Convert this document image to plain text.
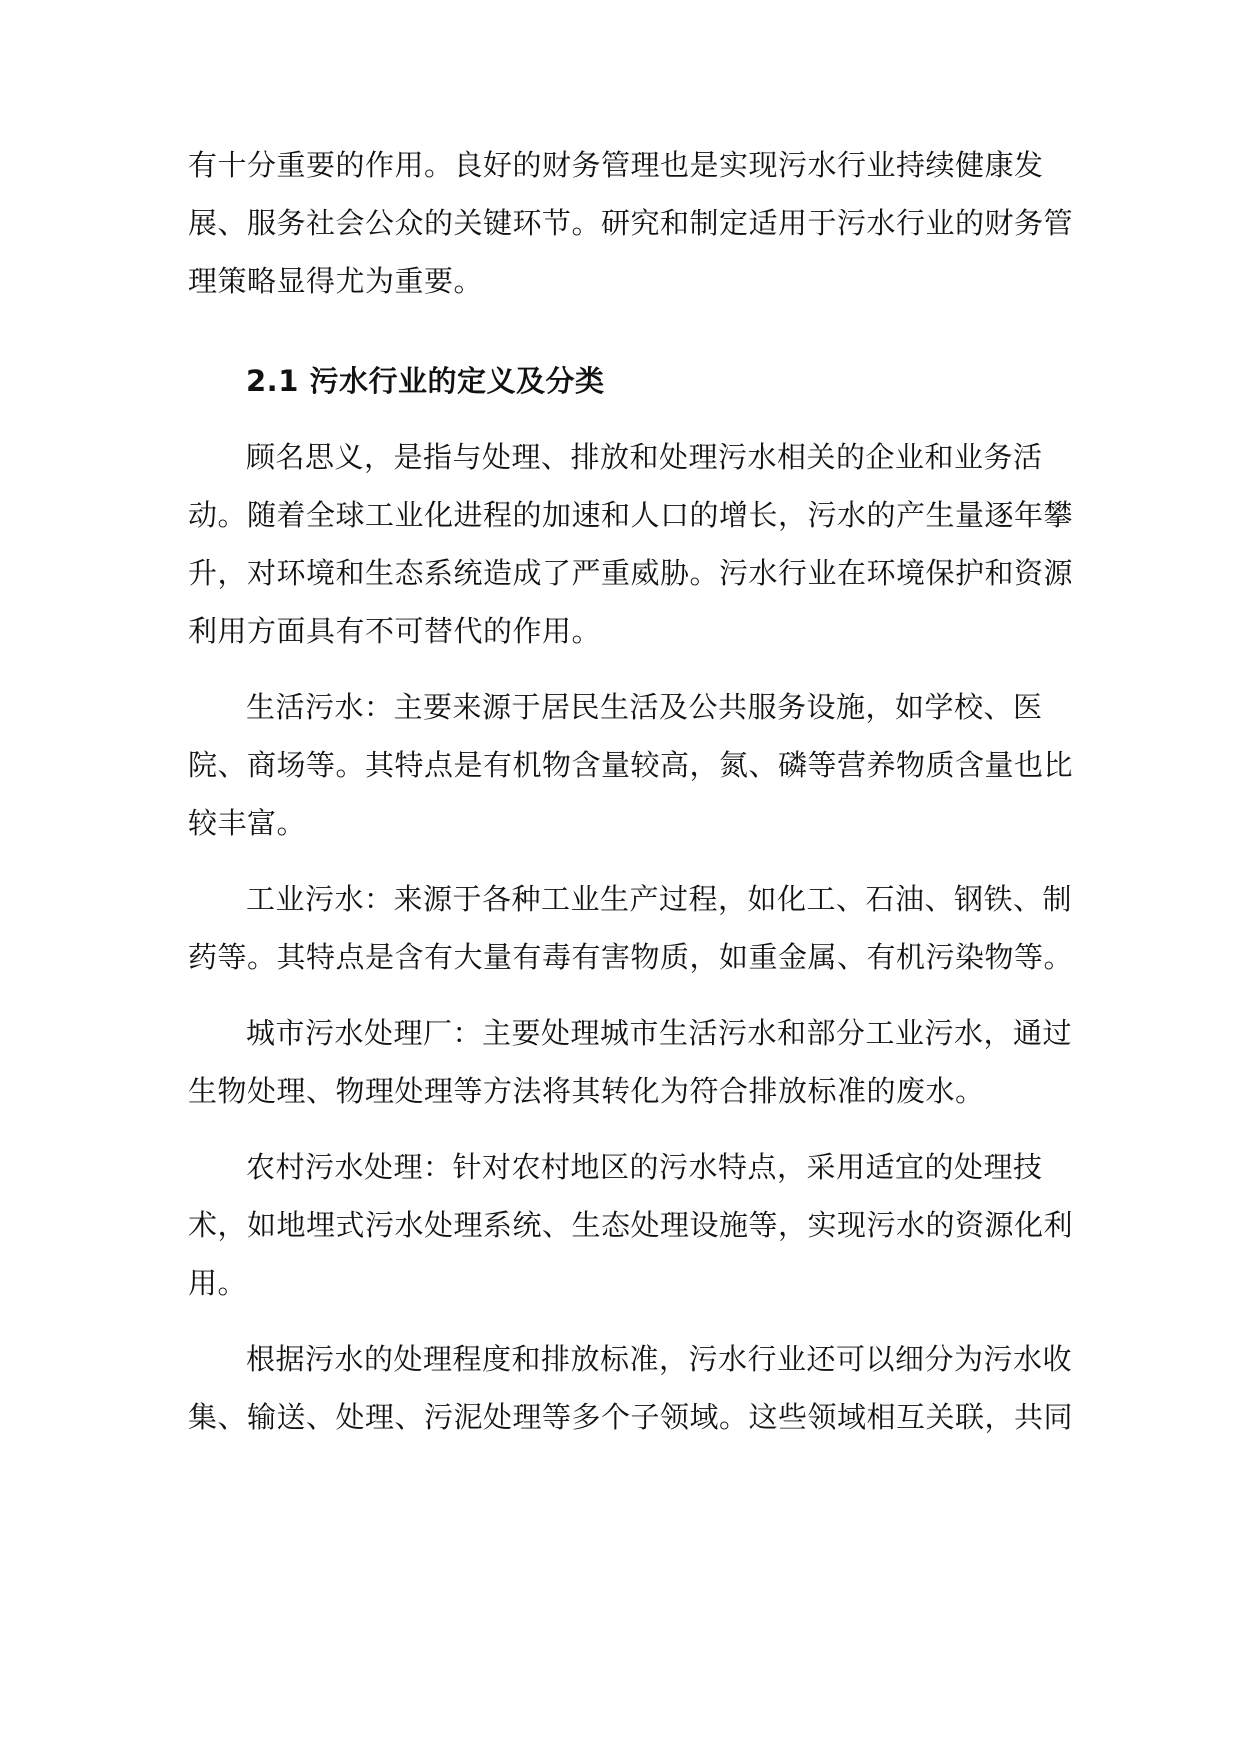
有十分重要的作用。良好的财务管理也是实现污水行业持续健康发展、服务社会公众的关键环节。研究和制定适用于污水行业的财务管理策略显得尤为重要。

2.1 污水行业的定义及分类

顾名思义，是指与处理、排放和处理污水相关的企业和业务活动。随着全球工业化进程的加速和人口的增长，污水的产生量逐年攀升，对环境和生态系统造成了严重威胁。污水行业在环境保护和资源利用方面具有不可替代的作用。

生活污水：主要来源于居民生活及公共服务设施，如学校、医院、商场等。其特点是有机物含量较高，氮、磷等营养物质含量也比较丰富。

工业污水：来源于各种工业生产过程，如化工、石油、钢铁、制药等。其特点是含有大量有毒有害物质，如重金属、有机污染物等。

城市污水处理厂：主要处理城市生活污水和部分工业污水，通过生物处理、物理处理等方法将其转化为符合排放标准的废水。

农村污水处理：针对农村地区的污水特点，采用适宜的处理技术，如地埋式污水处理系统、生态处理设施等，实现污水的资源化利用。

根据污水的处理程度和排放标准，污水行业还可以细分为污水收集、输送、处理、污泥处理等多个子领域。这些领域相互关联，共同
